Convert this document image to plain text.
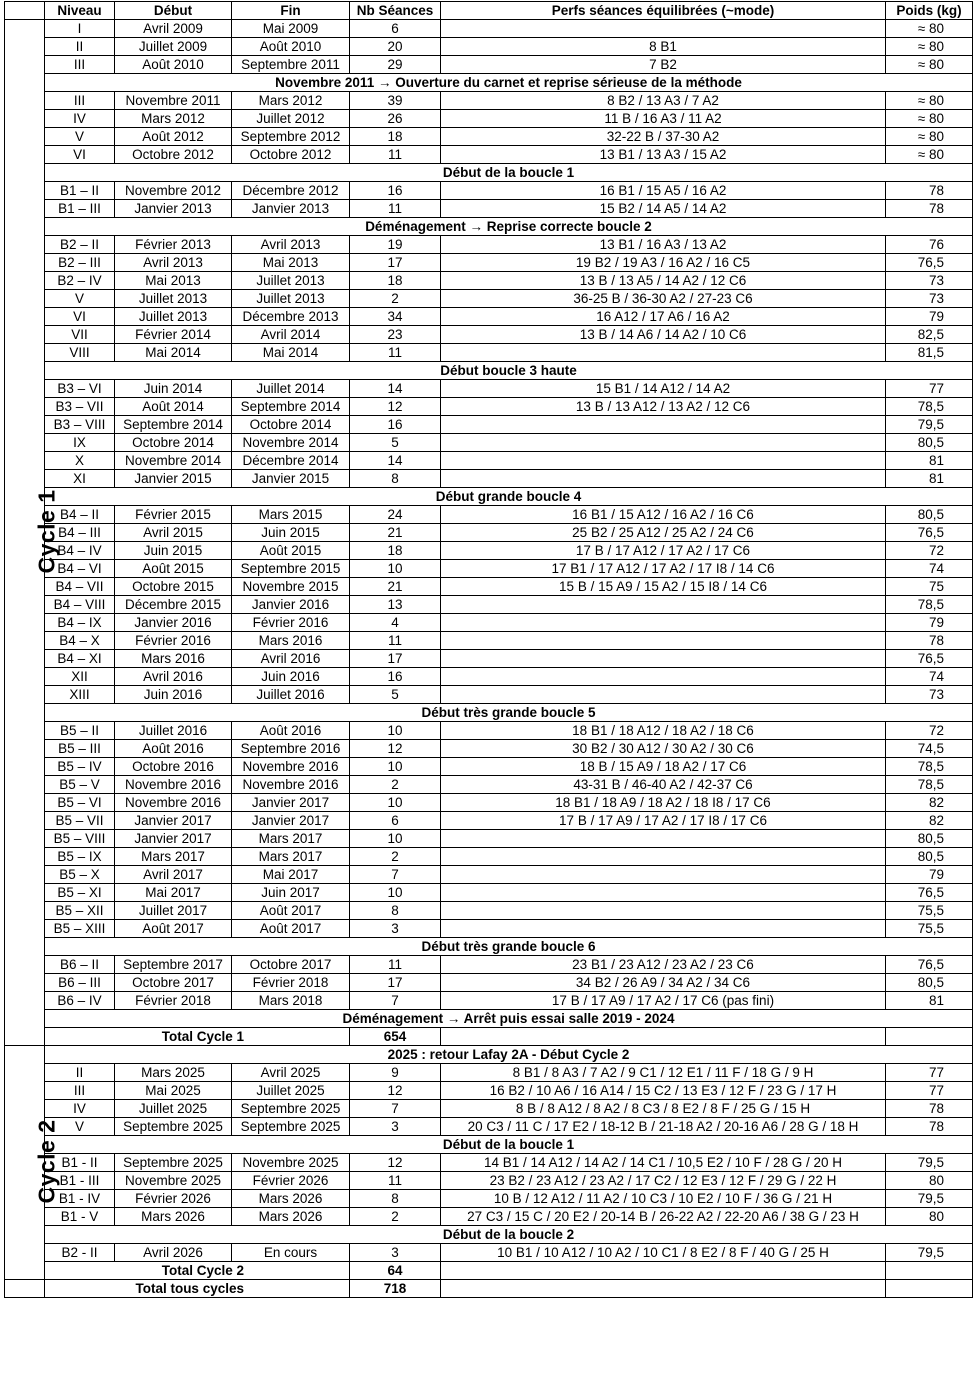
	Niveau	Début	Fin	Nb Séances	Perfs séances équilibrées (~mode)	Poids (kg)
Cycle 1	I	Avril 2009	Mai 2009	6		≈ 80
	II	Juillet 2009	Août 2010	20	8 B1	≈ 80
	III	Août 2010	Septembre 2011	29	7 B2	≈ 80
	Novembre 2011 → Ouverture du carnet et reprise sérieuse de la méthode					
	III	Novembre 2011	Mars 2012	39	8 B2 / 13 A3 / 7 A2	≈ 80
	IV	Mars 2012	Juillet 2012	26	11 B / 16 A3 / 11 A2	≈ 80
	V	Août 2012	Septembre 2012	18	32-22 B / 37-30 A2	≈ 80
	VI	Octobre 2012	Octobre 2012	11	13 B1 / 13 A3 / 15 A2	≈ 80
	Début de la boucle 1					
	B1 – II	Novembre 2012	Décembre 2012	16	16 B1 / 15 A5 / 16 A2	78
	B1 – III	Janvier 2013	Janvier 2013	11	15 B2 / 14 A5 / 14 A2	78
	Déménagement → Reprise correcte boucle 2					
	B2 – II	Février 2013	Avril 2013	19	13 B1 / 16 A3 / 13 A2	76
	B2 – III	Avril 2013	Mai 2013	17	19 B2 / 19 A3 / 16 A2 / 16 C5	76,5
	B2 – IV	Mai 2013	Juillet 2013	18	13 B / 13 A5 / 14 A2 / 12 C6	73
	V	Juillet 2013	Juillet 2013	2	36-25 B / 36-30 A2 / 27-23 C6	73
	VI	Juillet 2013	Décembre 2013	34	16 A12 / 17 A6 / 16 A2	79
	VII	Février 2014	Avril 2014	23	13 B / 14 A6 / 14 A2 / 10 C6	82,5
	VIII	Mai 2014	Mai 2014	11		81,5
	Début boucle 3 haute					
	B3 – VI	Juin 2014	Juillet 2014	14	15 B1 / 14 A12 / 14 A2	77
	B3 – VII	Août 2014	Septembre 2014	12	13 B / 13 A12 / 13 A2 / 12 C6	78,5
	B3 – VIII	Septembre 2014	Octobre 2014	16		79,5
	IX	Octobre 2014	Novembre 2014	5		80,5
	X	Novembre 2014	Décembre 2014	14		81
	XI	Janvier 2015	Janvier 2015	8		81
	Début grande boucle 4					
	B4 – II	Février 2015	Mars 2015	24	16 B1 / 15 A12 / 16 A2 / 16 C6	80,5
	B4 – III	Avril 2015	Juin 2015	21	25 B2 / 25 A12 / 25 A2 / 24 C6	76,5
	B4 – IV	Juin 2015	Août 2015	18	17 B / 17 A12 / 17 A2 / 17 C6	72
	B4 – VI	Août 2015	Septembre 2015	10	17 B1 / 17 A12 / 17 A2 / 17 I8 / 14 C6	74
	B4 – VII	Octobre 2015	Novembre 2015	21	15 B / 15 A9 / 15 A2 / 15 I8 / 14 C6	75
	B4 – VIII	Décembre 2015	Janvier 2016	13		78,5
	B4 – IX	Janvier 2016	Février 2016	4		79
	B4 – X	Février 2016	Mars 2016	11		78
	B4 – XI	Mars 2016	Avril 2016	17		76,5
	XII	Avril 2016	Juin 2016	16		74
	XIII	Juin 2016	Juillet 2016	5		73
	Début très grande boucle 5					
	B5 – II	Juillet 2016	Août 2016	10	18 B1 / 18 A12 / 18 A2 / 18 C6	72
	B5 – III	Août 2016	Septembre 2016	12	30 B2 / 30 A12 / 30 A2 / 30 C6	74,5
	B5 – IV	Octobre 2016	Novembre 2016	10	18 B / 15 A9 / 18 A2 / 17 C6	78,5
	B5 – V	Novembre 2016	Novembre 2016	2	43-31 B / 46-40 A2 / 42-37 C6	78,5
	B5 – VI	Novembre 2016	Janvier 2017	10	18 B1 / 18 A9 / 18 A2 / 18 I8 / 17 C6	82
	B5 – VII	Janvier 2017	Janvier 2017	6	17 B / 17 A9 / 17 A2 / 17 I8 / 17 C6	82
	B5 – VIII	Janvier 2017	Mars 2017	10		80,5
	B5 – IX	Mars 2017	Mars 2017	2		80,5
	B5 – X	Avril 2017	Mai 2017	7		79
	B5 – XI	Mai 2017	Juin 2017	10		76,5
	B5 – XII	Juillet 2017	Août 2017	8		75,5
	B5 – XIII	Août 2017	Août 2017	3		75,5
	Début très grande boucle 6					
	B6 – II	Septembre 2017	Octobre 2017	11	23 B1 / 23 A12 / 23 A2 / 23 C6	76,5
	B6 – III	Octobre 2017	Février 2018	17	34 B2 / 26 A9 / 34 A2 / 34 C6	80,5
	B6 – IV	Février 2018	Mars 2018	7	17 B / 17 A9 / 17 A2 / 17 C6 (pas fini)	81
	Déménagement → Arrêt puis essai salle 2019 - 2024					
	Total Cycle 1			654		
Cycle 2	2025 : retour Lafay 2A - Début Cycle 2					
	II	Mars 2025	Avril 2025	9	8 B1 / 8 A3 / 7 A2 / 9 C1 / 12 E1 / 11 F / 18 G / 9 H	77
	III	Mai 2025	Juillet 2025	12	16 B2 / 10 A6 / 16 A14 / 15 C2 / 13 E3 / 12 F / 23 G / 17 H	77
	IV	Juillet 2025	Septembre 2025	7	8 B / 8 A12 / 8 A2 / 8 C3 / 8 E2 / 8 F / 25 G / 15 H	78
	V	Septembre 2025	Septembre 2025	3	20 C3 / 11 C / 17 E2 / 18-12 B / 21-18 A2 / 20-16 A6 / 28 G / 18 H	78
	Début de la boucle 1					
	B1 - II	Septembre 2025	Novembre 2025	12	14 B1 / 14 A12 / 14 A2 / 14 C1 / 10,5 E2 / 10 F / 28 G / 20 H	79,5
	B1 - III	Novembre 2025	Février 2026	11	23 B2 / 23 A12 / 23 A2 / 17 C2 / 12 E3 / 12 F / 29 G / 22 H	80
	B1 - IV	Février 2026	Mars 2026	8	10 B / 12 A12 / 11 A2 / 10 C3 / 10 E2 / 10 F / 36 G / 21 H	79,5
	B1 - V	Mars 2026	Mars 2026	2	27 C3 / 15 C / 20 E2 / 20-14 B / 26-22 A2 / 22-20 A6 / 38 G / 23 H	80
	Début de la boucle 2					
	B2 - II	Avril 2026	En cours	3	10 B1 / 10 A12 / 10 A2 / 10 C1 / 8 E2 / 8 F / 40 G / 25 H	79,5
	Total Cycle 2			64		
	Total tous cycles			718		
